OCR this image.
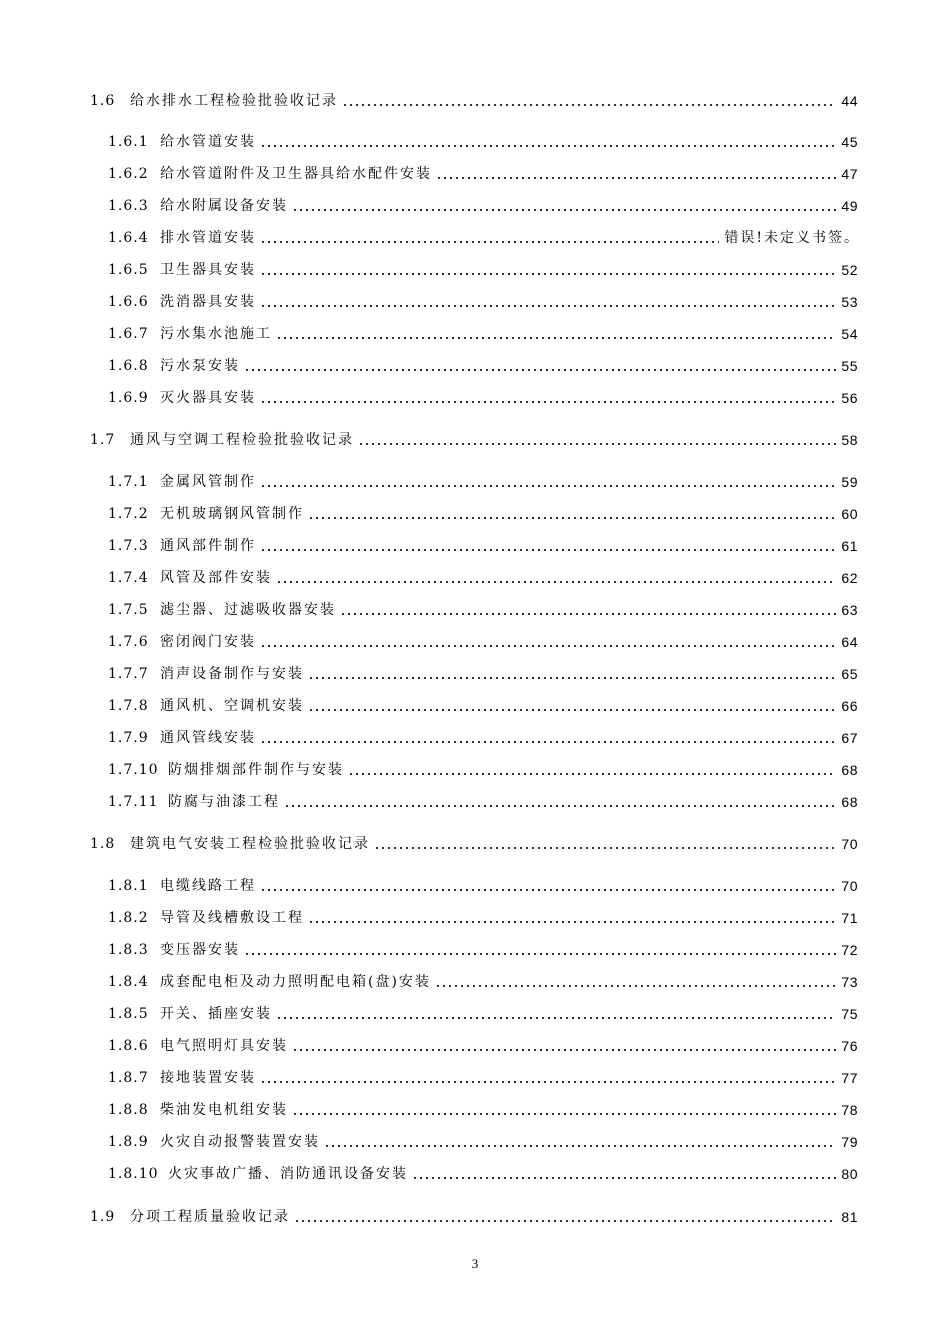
1.6	给水排水工程检验批验收记录	44
1.6.1 给水管道安装	45
1.6.2 给水管道附件及卫生器具给水配件安装	47
1.6.3 给水附属设备安装	49
1.6.4 排水管道安装	错误!未定义书签。
1.6.5 卫生器具安装	52
1.6.6 洗消器具安装	53
1.6.7 污水集水池施工	54
1.6.8 污水泵安装	55
1.6.9 灭火器具安装	56
1.7	通风与空调工程检验批验收记录	58
1.7.1 金属风管制作	59
1.7.2 无机玻璃钢风管制作	60
1.7.3 通风部件制作	61
1.7.4 风管及部件安装	62
1.7.5 滤尘器、过滤吸收器安装	63
1.7.6 密闭阀门安装	64
1.7.7 消声设备制作与安装	65
1.7.8 通风机、空调机安装	66
1.7.9 通风管线安装	67
1.7.10 防烟排烟部件制作与安装	68
1.7.11 防腐与油漆工程	68
1.8	建筑电气安装工程检验批验收记录	70
1.8.1 电缆线路工程	70
1.8.2 导管及线槽敷设工程	71
1.8.3 变压器安装	72
1.8.4 成套配电柜及动力照明配电箱(盘)安装	73
1.8.5 开关、插座安装	75
1.8.6 电气照明灯具安装	76
1.8.7 接地装置安装	77
1.8.8 柴油发电机组安装	78
1.8.9 火灾自动报警装置安装	79
1.8.10 火灾事故广播、消防通讯设备安装	80
1.9	分项工程质量验收记录	81
3
